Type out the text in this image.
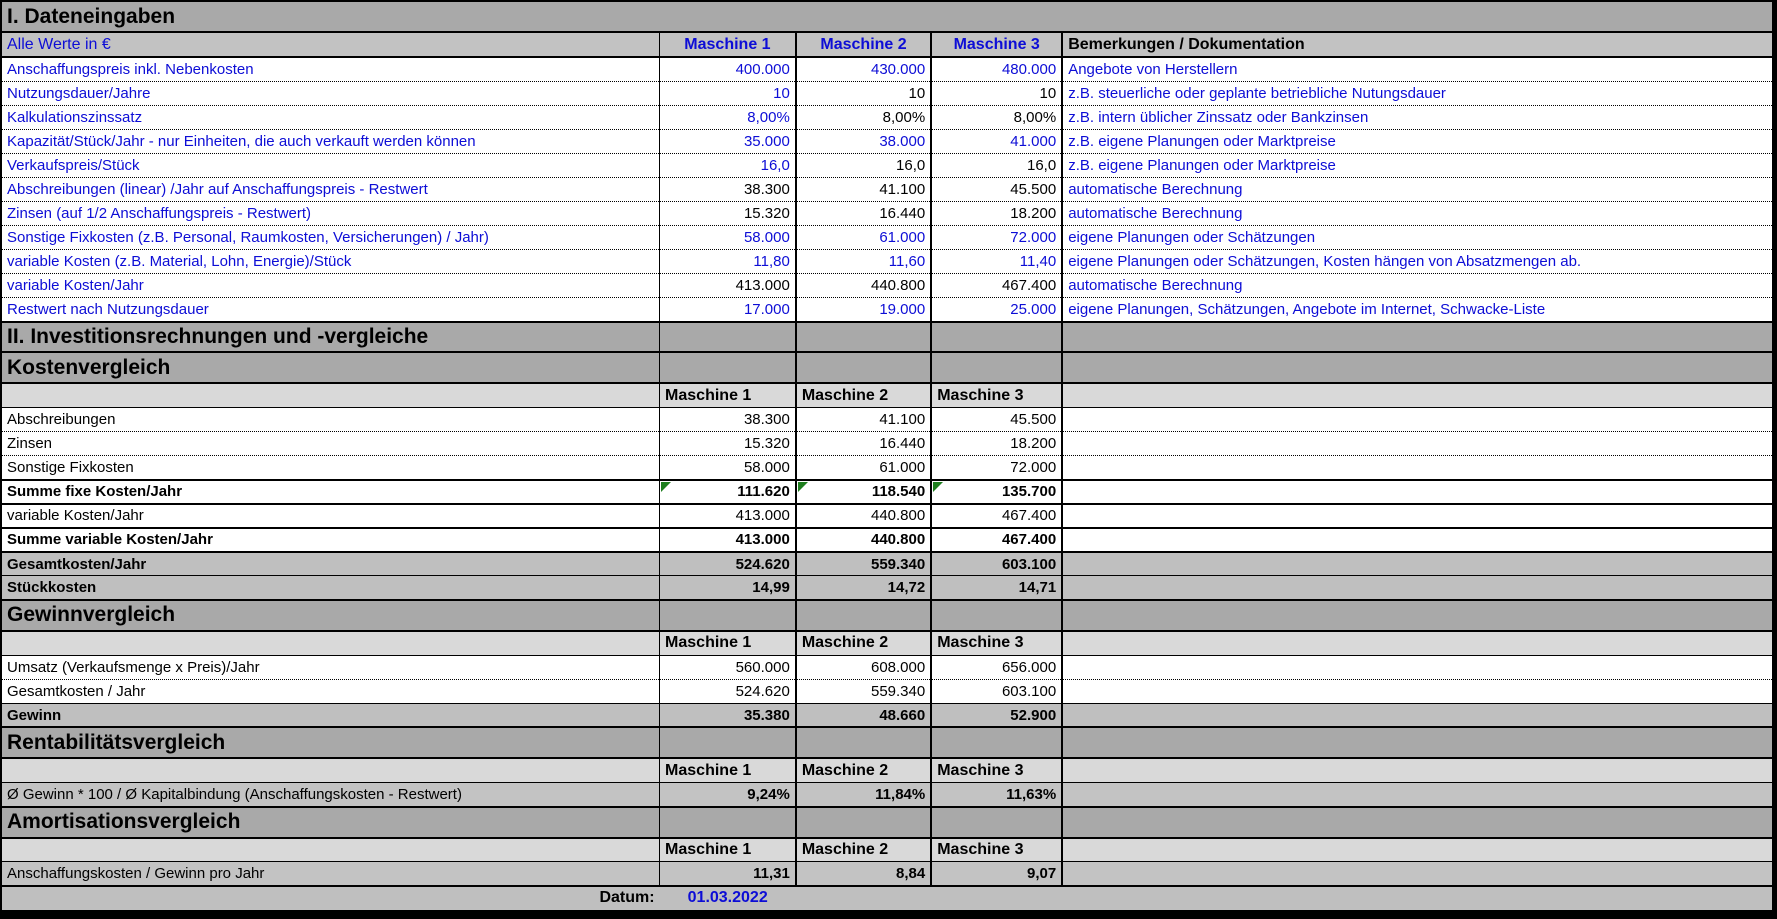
I. Dateneingaben				
Alle Werte in €	Maschine 1	Maschine 2	Maschine 3	Bemerkungen / Dokumentation
Anschaffungspreis inkl. Nebenkosten	400.000	430.000	480.000	Angebote von Herstellern
Nutzungsdauer/Jahre	10	10	10	z.B. steuerliche oder geplante betriebliche Nutungsdauer
Kalkulationszinssatz	8,00%	8,00%	8,00%	z.B. intern üblicher Zinssatz oder Bankzinsen
Kapazität/Stück/Jahr - nur Einheiten, die auch verkauft werden können	35.000	38.000	41.000	z.B. eigene Planungen oder Marktpreise
Verkaufspreis/Stück	16,0	16,0	16,0	z.B. eigene Planungen oder Marktpreise
Abschreibungen (linear) /Jahr auf Anschaffungspreis - Restwert	38.300	41.100	45.500	automatische Berechnung
Zinsen (auf 1/2 Anschaffungspreis - Restwert)	15.320	16.440	18.200	automatische Berechnung
Sonstige Fixkosten (z.B. Personal, Raumkosten, Versicherungen) / Jahr)	58.000	61.000	72.000	eigene Planungen oder Schätzungen
variable Kosten (z.B. Material, Lohn, Energie)/Stück	11,80	11,60	11,40	eigene Planungen oder Schätzungen, Kosten hängen von Absatzmengen ab.
variable Kosten/Jahr	413.000	440.800	467.400	automatische Berechnung
Restwert nach Nutzungsdauer	17.000	19.000	25.000	eigene Planungen, Schätzungen, Angebote im Internet, Schwacke-Liste
II. Investitionsrechnungen und -vergleiche				
Kostenvergleich				
	Maschine 1	Maschine 2	Maschine 3	
Abschreibungen	38.300	41.100	45.500	
Zinsen	15.320	16.440	18.200	
Sonstige Fixkosten	58.000	61.000	72.000	
Summe fixe Kosten/Jahr	111.620	118.540	135.700	
variable Kosten/Jahr	413.000	440.800	467.400	
Summe variable Kosten/Jahr	413.000	440.800	467.400	
Gesamtkosten/Jahr	524.620	559.340	603.100	
Stückkosten	14,99	14,72	14,71	
Gewinnvergleich				
	Maschine 1	Maschine 2	Maschine 3	
Umsatz (Verkaufsmenge x Preis)/Jahr	560.000	608.000	656.000	
Gesamtkosten / Jahr	524.620	559.340	603.100	
Gewinn	35.380	48.660	52.900	
Rentabilitätsvergleich				
	Maschine 1	Maschine 2	Maschine 3	
Ø Gewinn * 100 / Ø Kapitalbindung (Anschaffungskosten - Restwert)	9,24%	11,84%	11,63%	
Amortisationsvergleich				
	Maschine 1	Maschine 2	Maschine 3	
Anschaffungskosten / Gewinn pro Jahr	11,31	8,84	9,07	
Datum:	01.03.2022			
